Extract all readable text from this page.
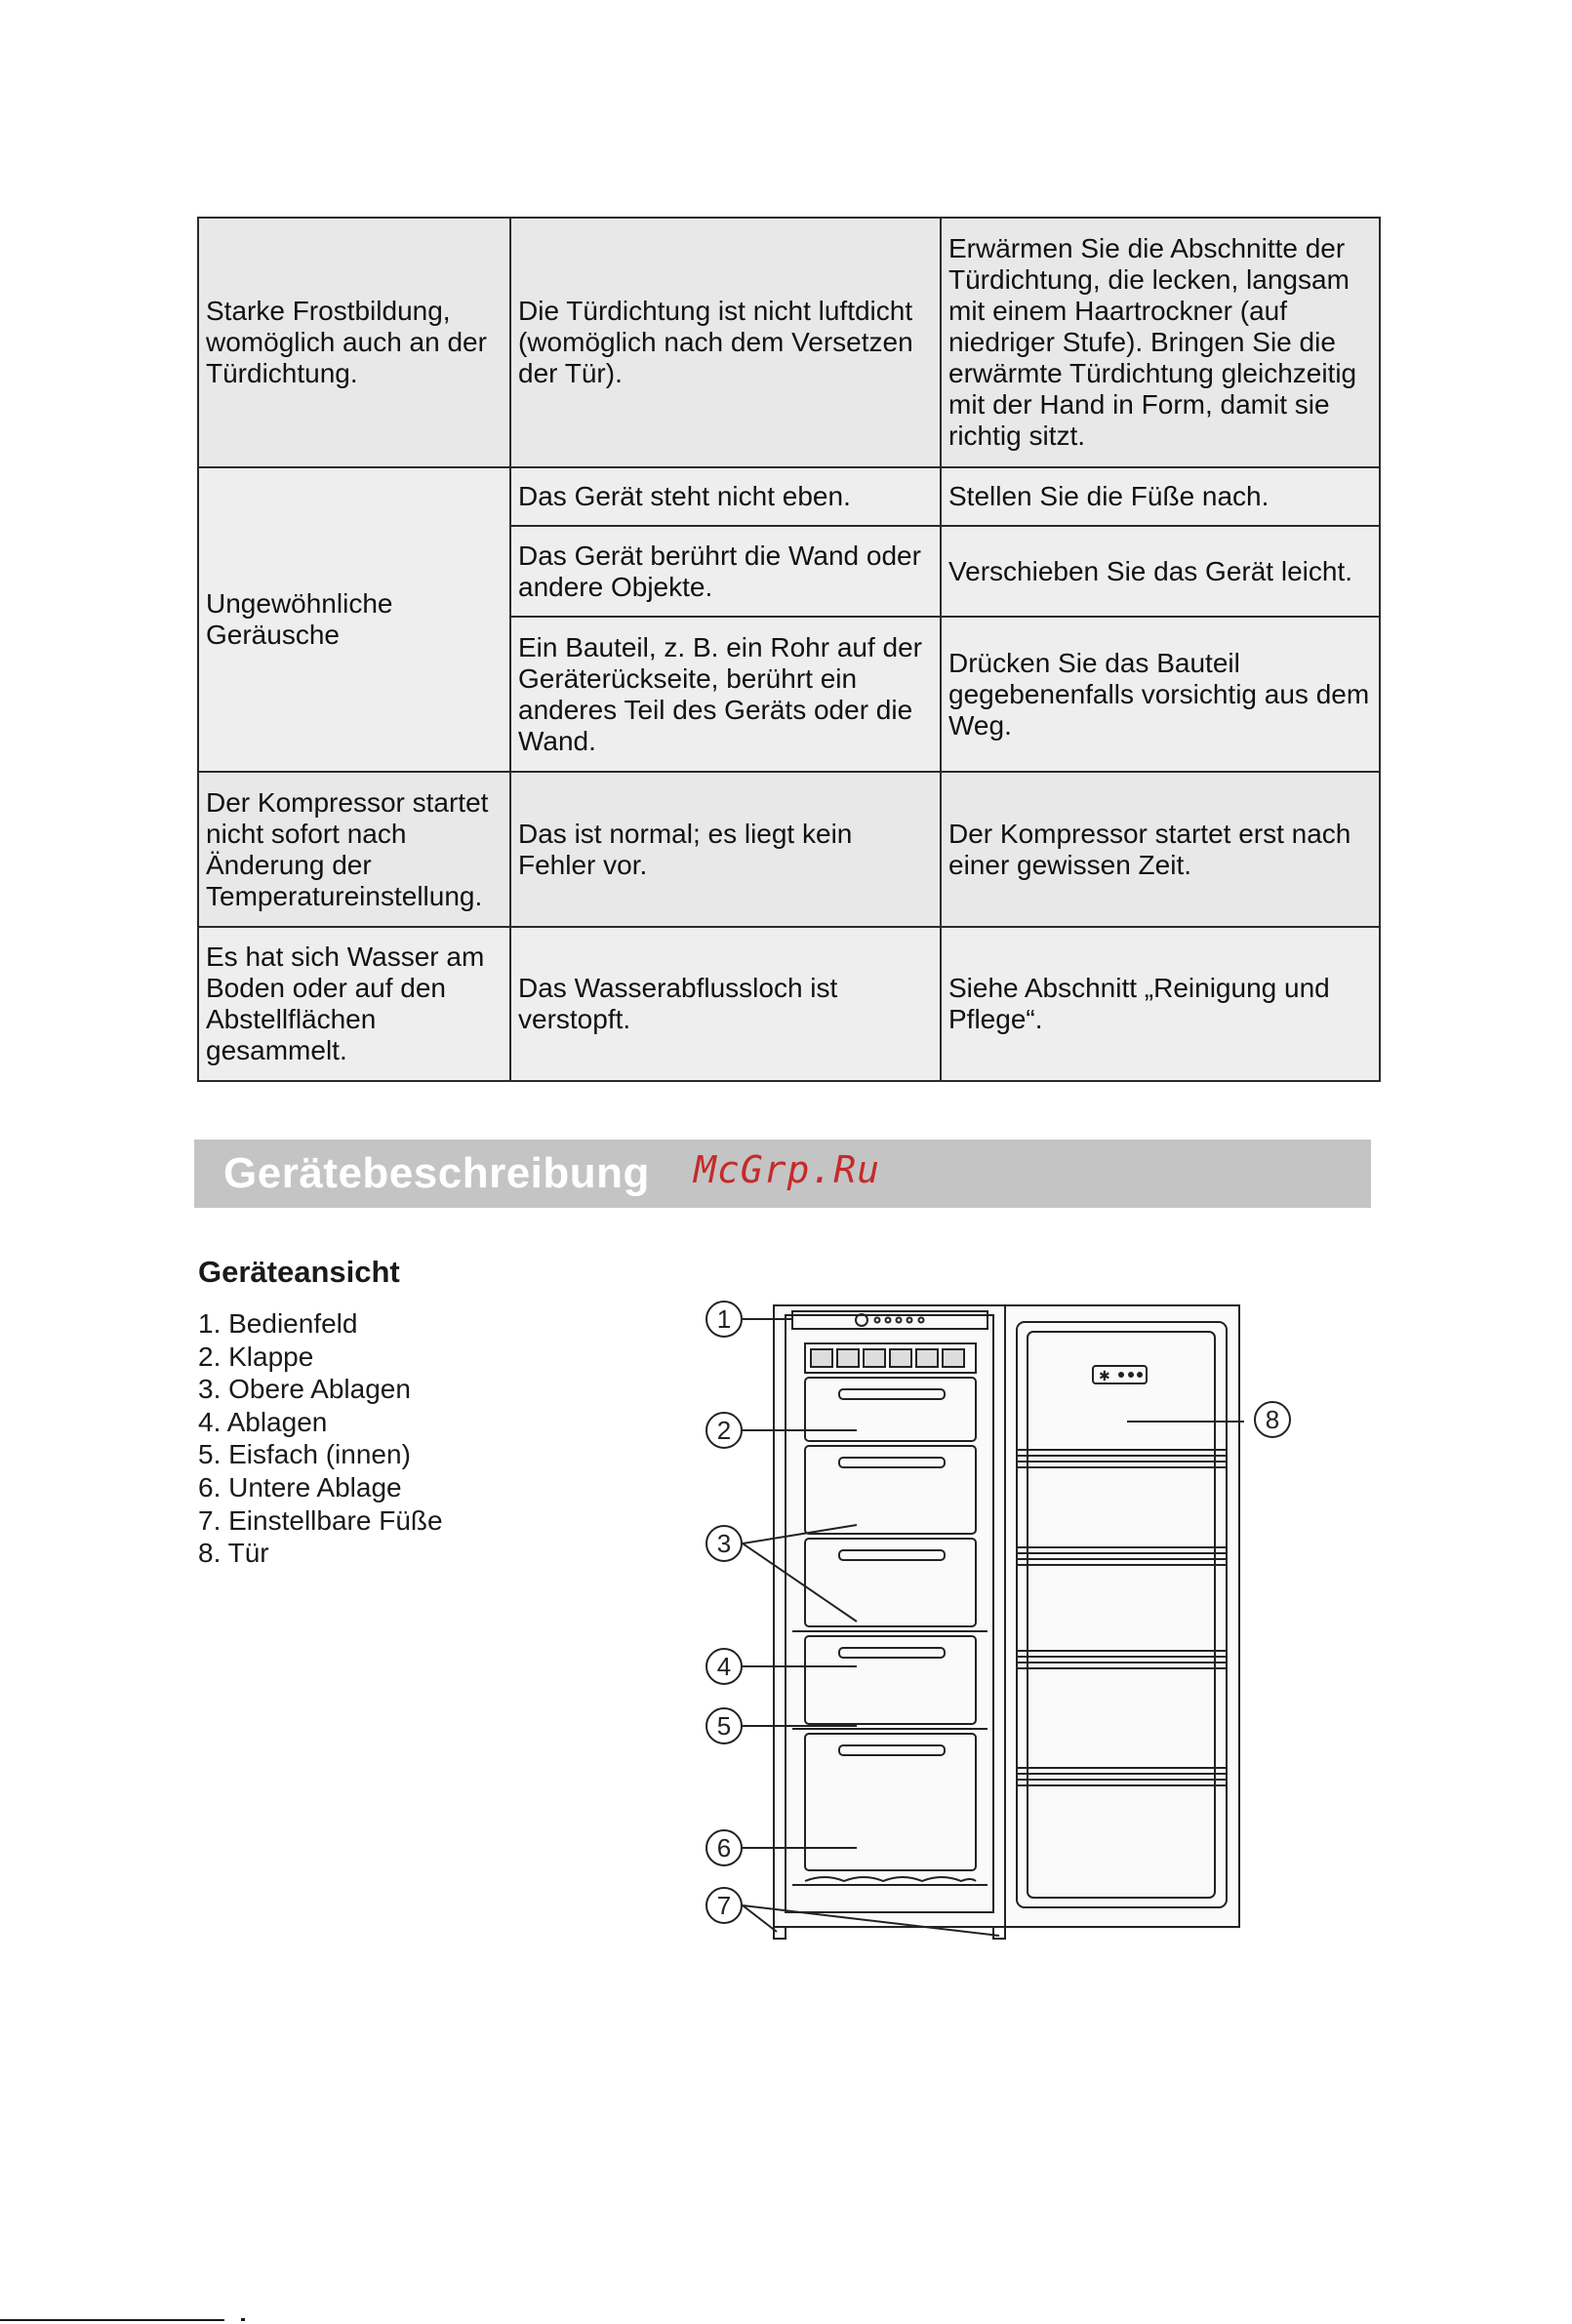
Starke Frostbildung, womöglich auch an der Türdichtung.	Die Türdichtung ist nicht luftdicht (womöglich nach dem Versetzen der Tür).	Erwärmen Sie die Abschnitte der Türdichtung, die lecken, langsam mit einem Haartrockner (auf niedriger Stufe). Bringen Sie die erwärmte Türdichtung gleichzeitig mit der Hand in Form, damit sie richtig sitzt.
Ungewöhnliche Geräusche	Das Gerät steht nicht eben.	Stellen Sie die Füße nach.
	Das Gerät berührt die Wand oder andere Objekte.	Verschieben Sie das Gerät leicht.
	Ein Bauteil, z. B. ein Rohr auf der Geräterückseite, berührt ein anderes Teil des Geräts oder die Wand.	Drücken Sie das Bauteil gegebenenfalls vorsichtig aus dem Weg.
Der Kompressor startet nicht sofort nach Änderung der Temperatureinstellung.	Das ist normal; es liegt kein Fehler vor.	Der Kompressor startet erst nach einer gewissen Zeit.
Es hat sich Wasser am Boden oder auf den Abstellflächen gesammelt.	Das Wasserabflussloch ist verstopft.	Siehe Abschnitt „Reinigung und Pflege“.
Gerätebeschreibung McGrp.Ru
Geräteansicht
1. Bedienfeld
2. Klappe
3. Obere Ablagen
4. Ablagen
5. Eisfach (innen)
6. Untere Ablage
7. Einstellbare Füße
8. Tür
✱
1
2
3
4
5
6
7
8
